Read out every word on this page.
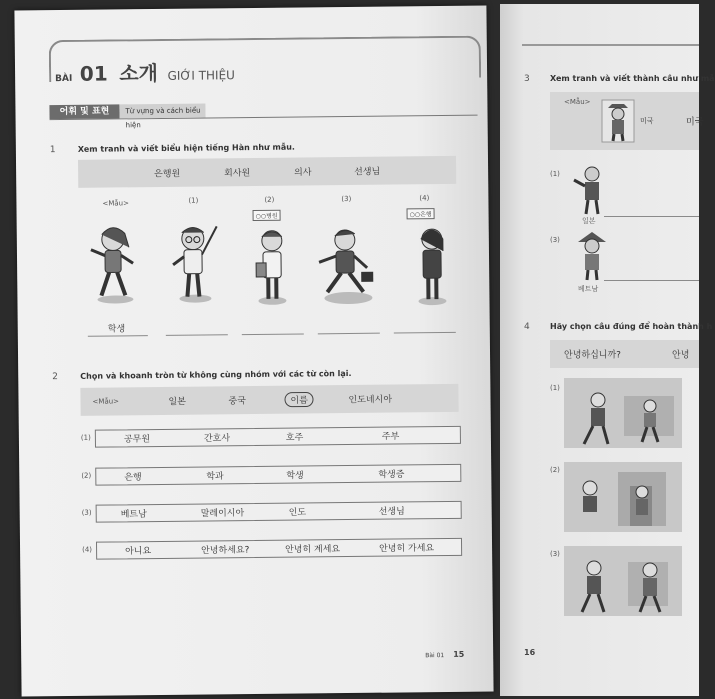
BÀI 01 소개 GIỚI THIỆU
어휘 및 표현	Từ vựng và cách biểu hiện
1	Xem tranh và viết biểu hiện tiếng Hàn như mẫu.
은행원	회사원	의사	선생님
<Mẫu>	(1)	(2)	(3)	(4)
○○병원	○○은행
학생
2	Chọn và khoanh tròn từ không cùng nhóm với các từ còn lại.
<Mẫu>	일본	중국	이름	인도네시아
(1)	공무원	간호사	호주	주부
(2)	은행	학과	학생	학생증
(3)	베트남	말레이시아	인도	선생님
(4)	아니요	안녕하세요?	안녕히 계세요	안녕히 가세요
Bài 01 15
3	Xem tranh và viết thành câu như mẫ
<Mẫu>
미국	미국
(1)
일본
(3)
베트남
4	Hãy chọn câu đúng để hoàn thành h
안녕하십니까?	안녕
(1)
(2)
(3)
16
